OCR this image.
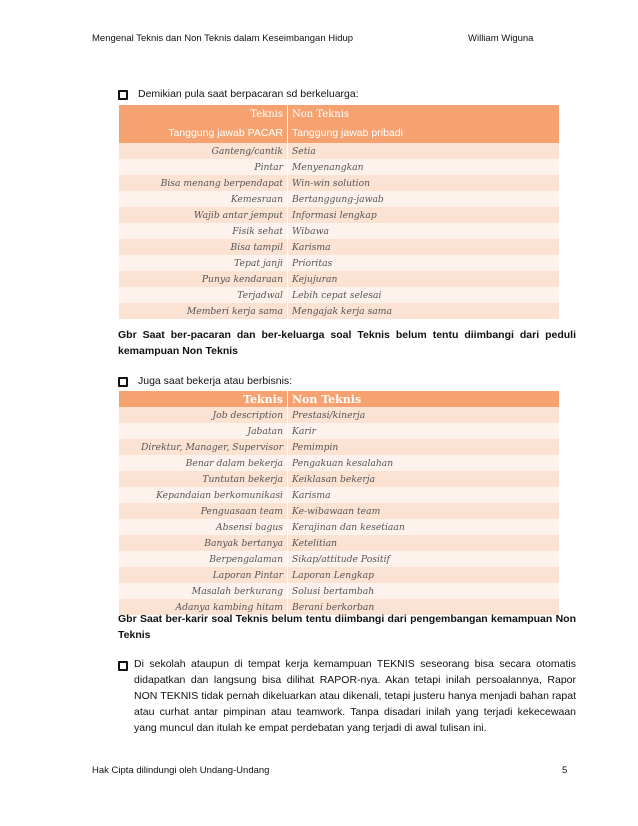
Mengenal Teknis dan Non Teknis dalam Keseimbangan Hidup	William Wiguna
Demikian pula saat berpacaran sd berkeluarga:
Teknis	Non Teknis
Tanggung jawab PACAR	Tanggung jawab pribadi
Ganteng/cantik	Setia
Pintar	Menyenangkan
Bisa menang berpendapat	Win-win solution
Kemesraan	Bertanggung-jawab
Wajib antar jemput	Informasi lengkap
Fisik sehat	Wibawa
Bisa tampil	Karisma
Tepat janji	Prioritas
Punya kendaraan	Kejujuran
Terjadwal	Lebih cepat selesai
Memberi kerja sama	Mengajak kerja sama
Gbr Saat ber-pacaran dan ber-keluarga soal Teknis belum tentu diimbangi dari peduli kemampuan Non Teknis
Juga saat bekerja atau berbisnis:
Teknis	Non Teknis
Job description	Prestasi/kinerja
Jabatan	Karir
Direktur, Manager, Supervisor	Pemimpin
Benar dalam bekerja	Pengakuan kesalahan
Tuntutan bekerja	Keiklasan bekerja
Kepandaian berkomunikasi	Karisma
Penguasaan team	Ke-wibawaan team
Absensi bagus	Kerajinan dan kesetiaan
Banyak bertanya	Ketelitian
Berpengalaman	Sikap/attitude Positif
Laporan Pintar	Laporan Lengkap
Masalah berkurang	Solusi bertambah
Adanya kambing hitam	Berani berkorban
Gbr Saat ber-karir soal Teknis belum tentu diimbangi dari pengembangan kemampuan Non Teknis
Di sekolah ataupun di tempat kerja kemampuan TEKNIS seseorang bisa secara otomatis didapatkan dan langsung bisa dilihat RAPOR-nya. Akan tetapi inilah persoalannya, Rapor NON TEKNIS tidak pernah dikeluarkan atau dikenali, tetapi justeru hanya menjadi bahan rapat atau curhat antar pimpinan atau teamwork. Tanpa disadari inilah yang terjadi kekecewaan yang muncul dan itulah ke empat perdebatan yang terjadi di awal tulisan ini.
Hak Cipta dilindungi oleh Undang-Undang	5
